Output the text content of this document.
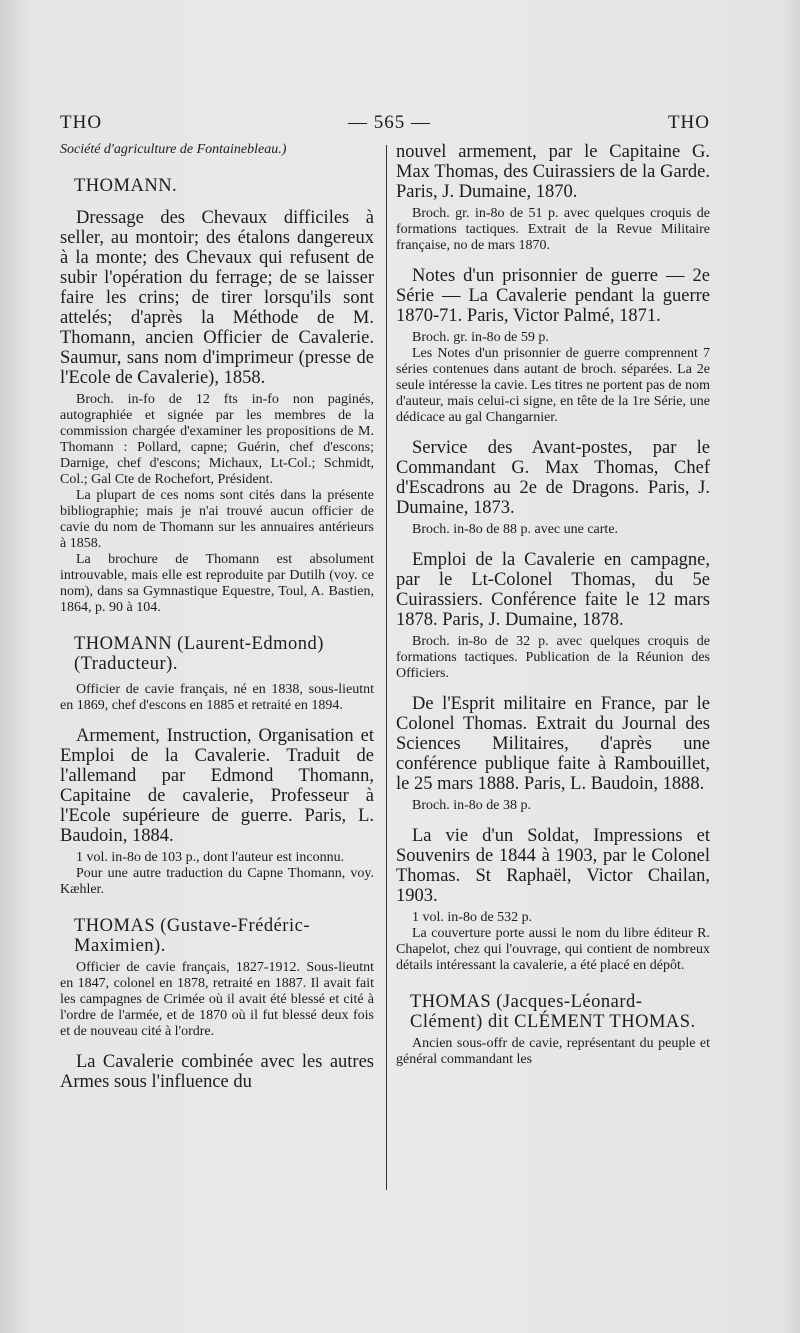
THO	— 565 —	THO

Société d'agriculture de Fontainebleau.)

THOMANN.

Dressage des Chevaux difficiles à seller, au montoir; des étalons dangereux à la monte; des Chevaux qui refusent de subir l'opération du ferrage; de se laisser faire les crins; de tirer lorsqu'ils sont attelés; d'après la Méthode de M. Thomann, ancien Officier de Cavalerie. Saumur, sans nom d'imprimeur (presse de l'Ecole de Cavalerie), 1858.

Broch. in-fo de 12 fts in-fo non paginés, autographiée et signée par les membres de la commission chargée d'examiner les propositions de M. Thomann : Pollard, capne; Guérin, chef d'escons; Darnige, chef d'escons; Michaux, Lt-Col.; Schmidt, Col.; Gal Cte de Rochefort, Président.

La plupart de ces noms sont cités dans la présente bibliographie; mais je n'ai trouvé aucun officier de cavie du nom de Thomann sur les annuaires antérieurs à 1858.

La brochure de Thomann est absolument introuvable, mais elle est reproduite par Dutilh (voy. ce nom), dans sa Gymnastique Equestre, Toul, A. Bastien, 1864, p. 90 à 104.

THOMANN (Laurent-Edmond) (Traducteur).

Officier de cavie français, né en 1838, sous-lieutnt en 1869, chef d'escons en 1885 et retraité en 1894.

Armement, Instruction, Organisation et Emploi de la Cavalerie. Traduit de l'allemand par Edmond Thomann, Capitaine de cavalerie, Professeur à l'Ecole supérieure de guerre. Paris, L. Baudoin, 1884.

1 vol. in-8o de 103 p., dont l'auteur est inconnu.

Pour une autre traduction du Capne Thomann, voy. Kæhler.

THOMAS (Gustave-Frédéric-Maximien).

Officier de cavie français, 1827-1912. Sous-lieutnt en 1847, colonel en 1878, retraité en 1887. Il avait fait les campagnes de Crimée où il avait été blessé et cité à l'ordre de l'armée, et de 1870 où il fut blessé deux fois et de nouveau cité à l'ordre.

La Cavalerie combinée avec les autres Armes sous l'influence du

nouvel armement, par le Capitaine G. Max Thomas, des Cuirassiers de la Garde. Paris, J. Dumaine, 1870.

Broch. gr. in-8o de 51 p. avec quelques croquis de formations tactiques. Extrait de la Revue Militaire française, no de mars 1870.

Notes d'un prisonnier de guerre — 2e Série — La Cavalerie pendant la guerre 1870-71. Paris, Victor Palmé, 1871.

Broch. gr. in-8o de 59 p.

Les Notes d'un prisonnier de guerre comprennent 7 séries contenues dans autant de broch. séparées. La 2e seule intéresse la cavie. Les titres ne portent pas de nom d'auteur, mais celui-ci signe, en tête de la 1re Série, une dédicace au gal Changarnier.

Service des Avant-postes, par le Commandant G. Max Thomas, Chef d'Escadrons au 2e de Dragons. Paris, J. Dumaine, 1873.

Broch. in-8o de 88 p. avec une carte.

Emploi de la Cavalerie en campagne, par le Lt-Colonel Thomas, du 5e Cuirassiers. Conférence faite le 12 mars 1878. Paris, J. Dumaine, 1878.

Broch. in-8o de 32 p. avec quelques croquis de formations tactiques. Publication de la Réunion des Officiers.

De l'Esprit militaire en France, par le Colonel Thomas. Extrait du Journal des Sciences Militaires, d'après une conférence publique faite à Rambouillet, le 25 mars 1888. Paris, L. Baudoin, 1888.

Broch. in-8o de 38 p.

La vie d'un Soldat, Impressions et Souvenirs de 1844 à 1903, par le Colonel Thomas. St Raphaël, Victor Chailan, 1903.

1 vol. in-8o de 532 p.

La couverture porte aussi le nom du libre éditeur R. Chapelot, chez qui l'ouvrage, qui contient de nombreux détails intéressant la cavalerie, a été placé en dépôt.

THOMAS (Jacques-Léonard-Clément) dit CLÉMENT THOMAS.

Ancien sous-offr de cavie, représentant du peuple et général commandant les
